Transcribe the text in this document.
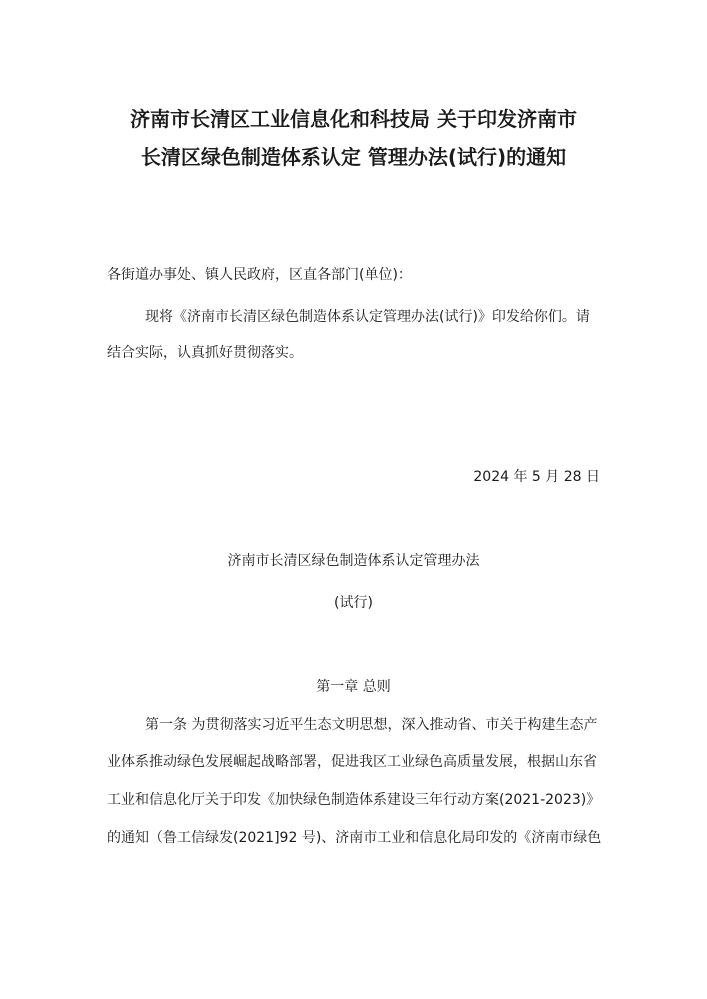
济南市长清区工业信息化和科技局 关于印发济南市
长清区绿色制造体系认定 管理办法(试行)的通知

各街道办事处、镇人民政府，区直各部门(单位)：

现将《济南市长清区绿色制造体系认定管理办法(试行)》印发给你们。请

结合实际，认真抓好贯彻落实。

2024 年 5 月 28 日

济南市长清区绿色制造体系认定管理办法

(试行)

第一章 总则

第一条 为贯彻落实习近平生态文明思想，深入推动省、市关于构建生态产

业体系推动绿色发展崛起战略部署，促进我区工业绿色高质量发展，根据山东省

工业和信息化厅关于印发《加快绿色制造体系建设三年行动方案(2021-2023)》

的通知（鲁工信绿发(2021]92 号)、济南市工业和信息化局印发的《济南市绿色
